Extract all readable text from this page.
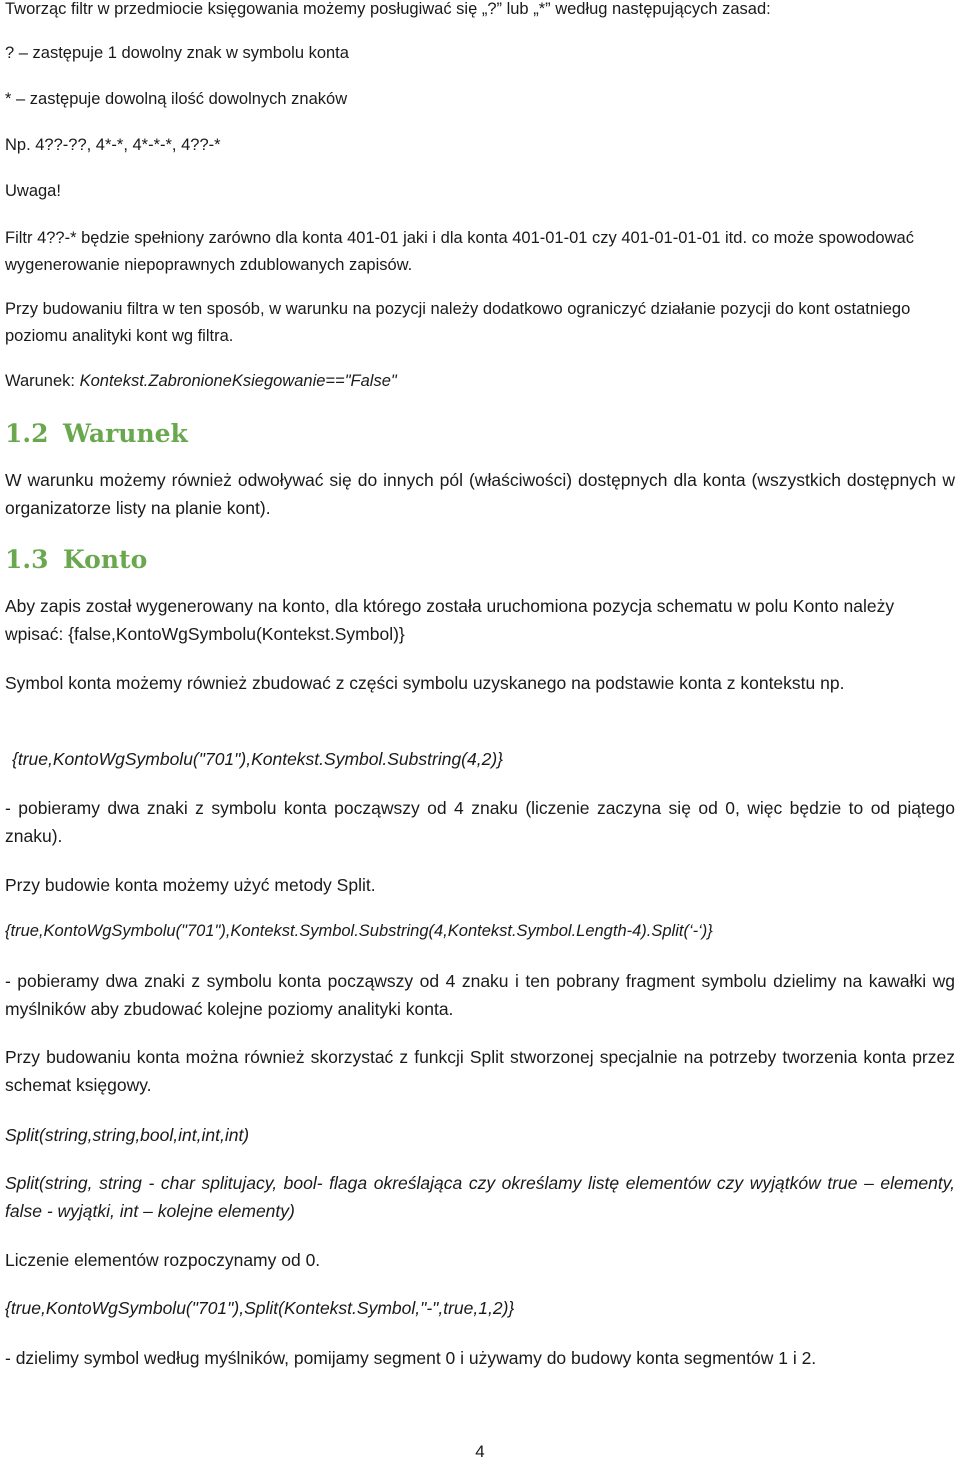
Tworząc filtr w przedmiocie księgowania możemy posługiwać się „?” lub „*” według następujących zasad:

? – zastępuje 1 dowolny znak w symbolu konta

* – zastępuje dowolną ilość dowolnych znaków

Np. 4??-??, 4*-*, 4*-*-*, 4??-*

Uwaga!

Filtr 4??-* będzie spełniony zarówno dla konta 401-01 jaki i dla konta 401-01-01 czy 401-01-01-01 itd. co może spowodować wygenerowanie niepoprawnych zdublowanych zapisów.

Przy budowaniu filtra w ten sposób, w warunku na pozycji należy dodatkowo ograniczyć działanie pozycji do kont ostatniego poziomu analityki kont wg filtra.

Warunek: Kontekst.ZabronioneKsiegowanie=="False"

1.2 Warunek

W warunku możemy również odwoływać się do innych pól (właściwości) dostępnych dla konta (wszystkich dostępnych w organizatorze listy na planie kont).

1.3 Konto

Aby zapis został wygenerowany na konto, dla którego została uruchomiona pozycja schematu w polu Konto należy wpisać: {false,KontoWgSymbolu(Kontekst.Symbol)}

Symbol konta możemy również zbudować z części symbolu uzyskanego na podstawie konta z kontekstu np.

{true,KontoWgSymbolu("701"),Kontekst.Symbol.Substring(4,2)}

- pobieramy dwa znaki z symbolu konta począwszy od 4 znaku (liczenie zaczyna się od 0, więc będzie to od piątego znaku).

Przy budowie konta możemy użyć metody Split.

{true,KontoWgSymbolu("701"),Kontekst.Symbol.Substring(4,Kontekst.Symbol.Length-4).Split(‘-‘)}

- pobieramy dwa znaki z symbolu konta począwszy od 4 znaku i ten pobrany fragment symbolu dzielimy na kawałki wg myślników aby zbudować kolejne poziomy analityki konta.

Przy budowaniu konta można również skorzystać z funkcji Split stworzonej specjalnie na potrzeby tworzenia konta przez schemat księgowy.

Split(string,string,bool,int,int,int)

Split(string, string - char splitujacy, bool- flaga określająca czy określamy listę elementów czy wyjątków true – elementy, false - wyjątki, int – kolejne elementy)

Liczenie elementów rozpoczynamy od 0.

{true,KontoWgSymbolu("701"),Split(Kontekst.Symbol,"-",true,1,2)}

- dzielimy symbol według myślników, pomijamy segment 0 i używamy do budowy konta segmentów 1 i 2.

4
